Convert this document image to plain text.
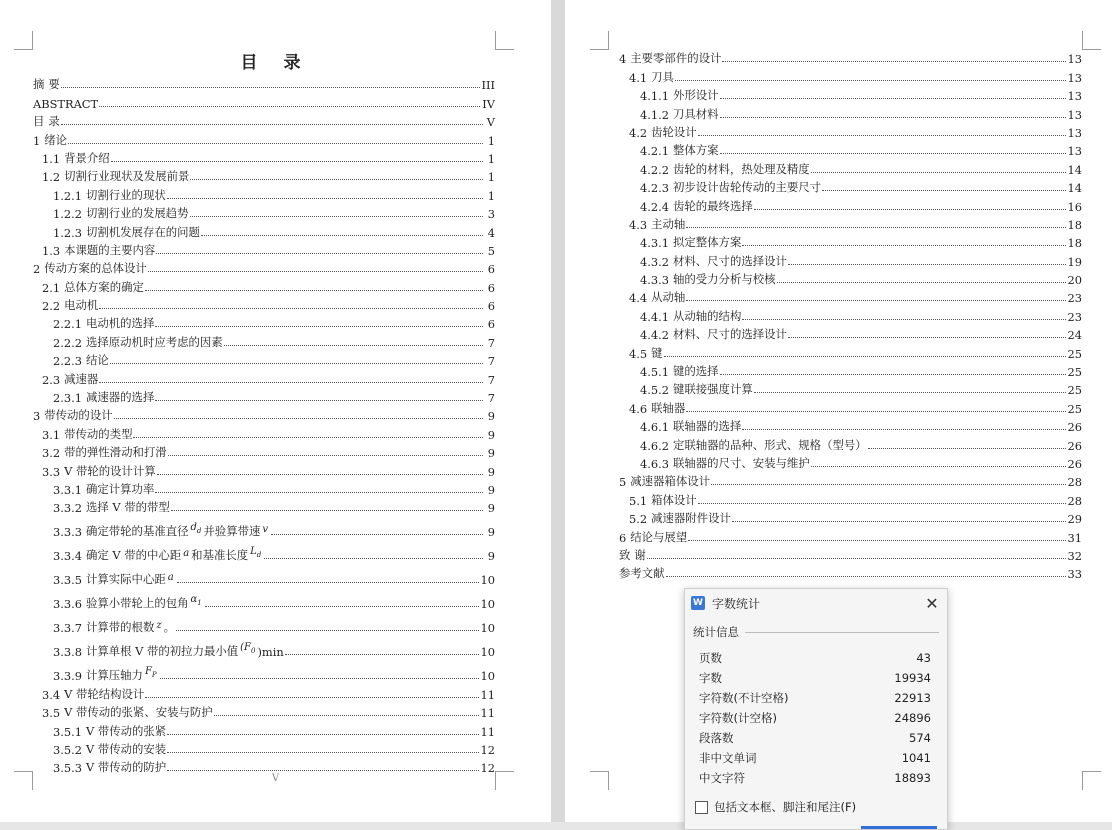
目 录
摘 要	III
ABSTRACT	IV
目 录	V
1 绪论	1
1.1 背景介绍	1
1.2 切割行业现状及发展前景	1
1.2.1 切割行业的现状	1
1.2.2 切割行业的发展趋势	3
1.2.3 切割机发展存在的问题	4
1.3 本课题的主要内容	5
2 传动方案的总体设计	6
2.1 总体方案的确定	6
2.2 电动机	6
2.2.1 电动机的选择	6
2.2.2 选择原动机时应考虑的因素	7
2.2.3 结论	7
2.3 减速器	7
2.3.1 减速器的选择	7
3 带传动的设计	9
3.1 带传动的类型	9
3.2 带的弹性滑动和打滑	9
3.3 V 带轮的设计计算	9
3.3.1 确定计算功率	9
3.3.2 选择 V 带的带型	9
3.3.3 确定带轮的基准直径 $d_d$ 并验算带速 v	9
3.3.4 确定 V 带的中心距 a 和基准长度 $L_d$	9
3.3.5 计算实际中心距 a	10
3.3.6 验算小带轮上的包角 $\alpha_1$	10
3.3.7 计算带的根数 z 。	10
3.3.8 计算单根 V 带的初拉力最小值 ($F_0$ )min	10
3.3.9 计算压轴力 $F_P$	10
3.4 V 带轮结构设计	11
3.5 V 带传动的张紧、安装与防护	11
3.5.1 V 带传动的张紧	11
3.5.2 V 带传动的安装	12
3.5.3 V 带传动的防护	12
V
4 主要零部件的设计	13
4.1 刀具	13
4.1.1 外形设计	13
4.1.2 刀具材料	13
4.2 齿轮设计	13
4.2.1 整体方案	13
4.2.2 齿轮的材料，热处理及精度	14
4.2.3 初步设计齿轮传动的主要尺寸	14
4.2.4 齿轮的最终选择	16
4.3 主动轴	18
4.3.1 拟定整体方案	18
4.3.2 材料、尺寸的选择设计	19
4.3.3 轴的受力分析与校核	20
4.4 从动轴	23
4.4.1 从动轴的结构	23
4.4.2 材料、尺寸的选择设计	24
4.5 键	25
4.5.1 键的选择	25
4.5.2 键联接强度计算	25
4.6 联轴器	25
4.6.1 联轴器的选择	26
4.6.2 定联轴器的品种、形式、规格（型号）	26
4.6.3 联轴器的尺寸、安装与维护	26
5 减速器箱体设计	28
5.1 箱体设计	28
5.2 减速器附件设计	29
6 结论与展望	31
致 谢	32
参考文献	33
W 字数统计	✕
统计信息
页数	43
字数	19934
字符数(不计空格)	22913
字符数(计空格)	24896
段落数	574
非中文单词	1041
中文字符	18893
包括文本框、脚注和尾注(F)
